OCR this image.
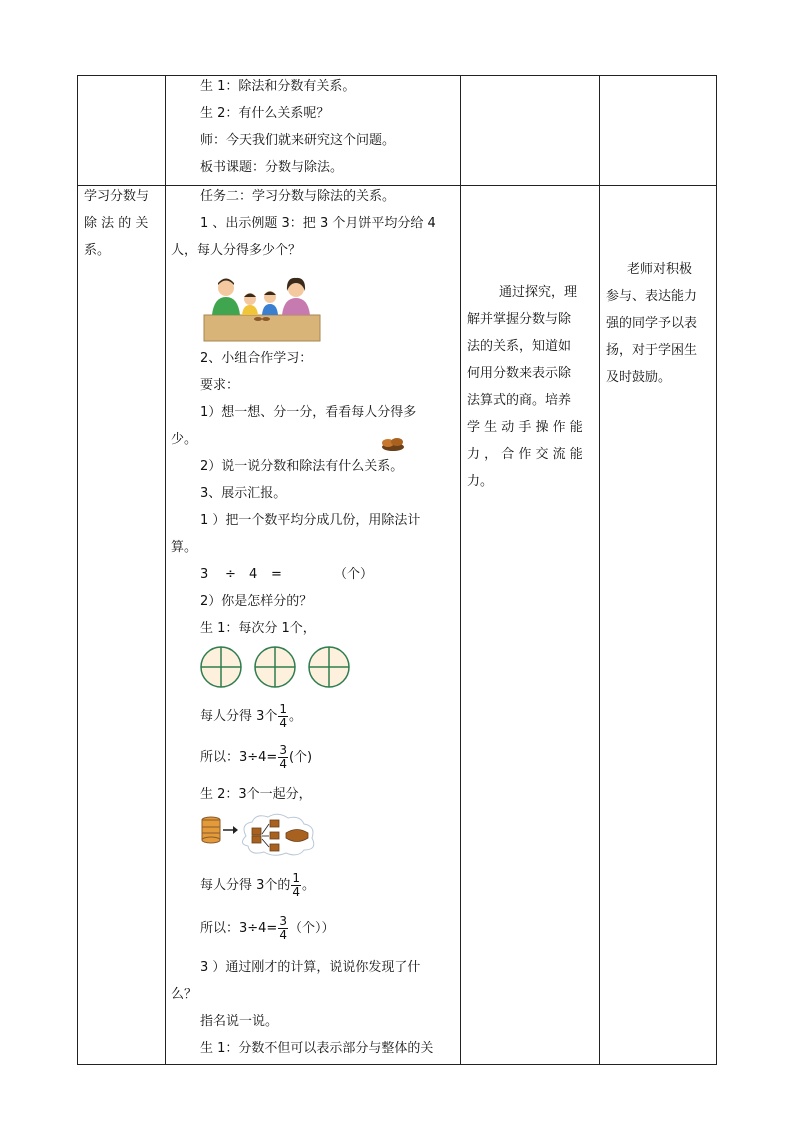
生 1：除法和分数有关系。
生 2：有什么关系呢？
师：今天我们就来研究这个问题。
板书课题：分数与除法。
学习分数与
除 法 的 关
系。
任务二：学习分数与除法的关系。
1 、出示例题 3：把 3 个月饼平均分给 4
人，每人分得多少个？
2、小组合作学习：
要求：
1）想一想、分一分，看看每人分得多
少。
2）说一说分数和除法有什么关系。
3、展示汇报。
1 ）把一个数平均分成几份，用除法计
算。
3 ÷ 4 =	（个）
2）你是怎样分的？
生 1：每次分 1个，
每人分得 3个 $\frac{1}{4}$ 。
所以：$3\div 4= \frac{3}{4}$ (个)
生 2：3个一起分，
每人分得 3个的 $\frac{1}{4}$ 。
所以：$3\div 4= \frac{3}{4}$ （个））
3 ）通过刚才的计算，说说你发现了什
么？
指名说一说。
生 1：分数不但可以表示部分与整体的关
通过探究，理
解并掌握分数与除
法的关系，知道如
何用分数来表示除
法算式的商。培养
学 生 动 手 操 作 能
力 ， 合 作 交 流 能
力。
老师对积极
参与、表达能力
强的同学予以表
扬，对于学困生
及时鼓励。
